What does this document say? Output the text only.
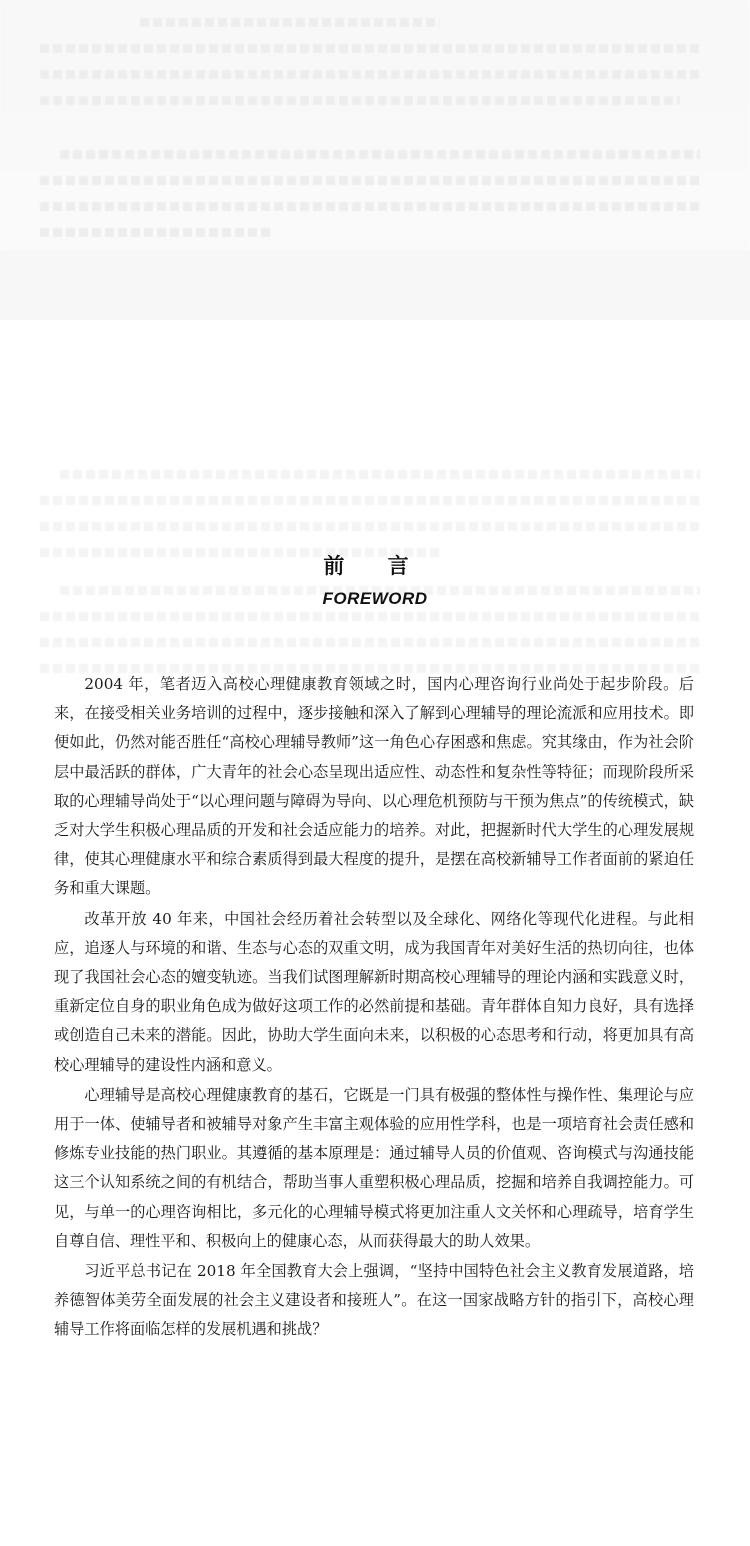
前 言
FOREWORD

2004 年，笔者迈入高校心理健康教育领域之时，国内心理咨询行业尚处于起步阶段。后来，在接受相关业务培训的过程中，逐步接触和深入了解到心理辅导的理论流派和应用技术。即便如此，仍然对能否胜任“高校心理辅导教师”这一角色心存困惑和焦虑。究其缘由，作为社会阶层中最活跃的群体，广大青年的社会心态呈现出适应性、动态性和复杂性等特征；而现阶段所采取的心理辅导尚处于“以心理问题与障碍为导向、以心理危机预防与干预为焦点”的传统模式，缺乏对大学生积极心理品质的开发和社会适应能力的培养。对此，把握新时代大学生的心理发展规律，使其心理健康水平和综合素质得到最大程度的提升，是摆在高校新辅导工作者面前的紧迫任务和重大课题。

改革开放 40 年来，中国社会经历着社会转型以及全球化、网络化等现代化进程。与此相应，追逐人与环境的和谐、生态与心态的双重文明，成为我国青年对美好生活的热切向往，也体现了我国社会心态的嬗变轨迹。当我们试图理解新时期高校心理辅导的理论内涵和实践意义时，重新定位自身的职业角色成为做好这项工作的必然前提和基础。青年群体自知力良好，具有选择或创造自己未来的潜能。因此，协助大学生面向未来，以积极的心态思考和行动，将更加具有高校心理辅导的建设性内涵和意义。

心理辅导是高校心理健康教育的基石，它既是一门具有极强的整体性与操作性、集理论与应用于一体、使辅导者和被辅导对象产生丰富主观体验的应用性学科，也是一项培育社会责任感和修炼专业技能的热门职业。其遵循的基本原理是：通过辅导人员的价值观、咨询模式与沟通技能这三个认知系统之间的有机结合，帮助当事人重塑积极心理品质，挖掘和培养自我调控能力。可见，与单一的心理咨询相比，多元化的心理辅导模式将更加注重人文关怀和心理疏导，培育学生自尊自信、理性平和、积极向上的健康心态，从而获得最大的助人效果。

习近平总书记在 2018 年全国教育大会上强调，“坚持中国特色社会主义教育发展道路，培养德智体美劳全面发展的社会主义建设者和接班人”。在这一国家战略方针的指引下，高校心理辅导工作将面临怎样的发展机遇和挑战？
